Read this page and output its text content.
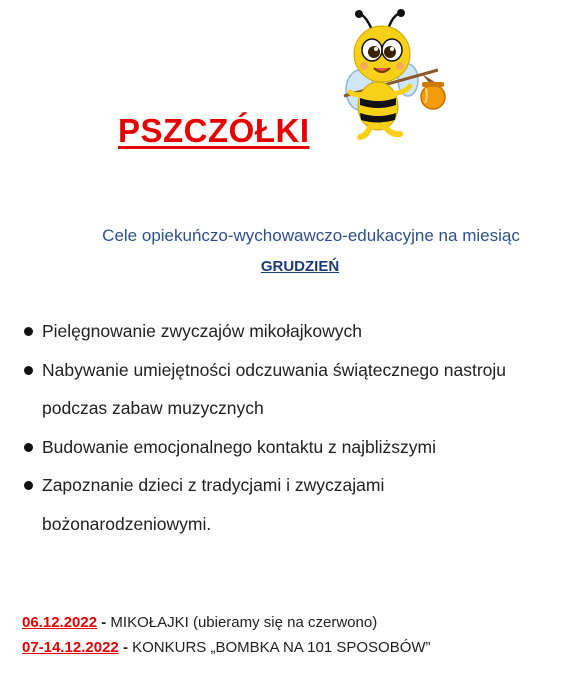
PSZCZÓŁKI
Cele opiekuńczo-wychowawczo-edukacyjne na miesiąc
GRUDZIEŃ
Pielęgnowanie zwyczajów mikołajkowych
Nabywanie umiejętności odczuwania świątecznego nastroju
podczas zabaw muzycznych
Budowanie emocjonalnego kontaktu z najbliższymi
Zapoznanie dzieci z tradycjami i zwyczajami
bożonarodzeniowymi.
06.12.2022 - MIKOŁAJKI (ubieramy się na czerwono)
07-14.12.2022 - KONKURS „BOMBKA NA 101 SPOSOBÓW”
